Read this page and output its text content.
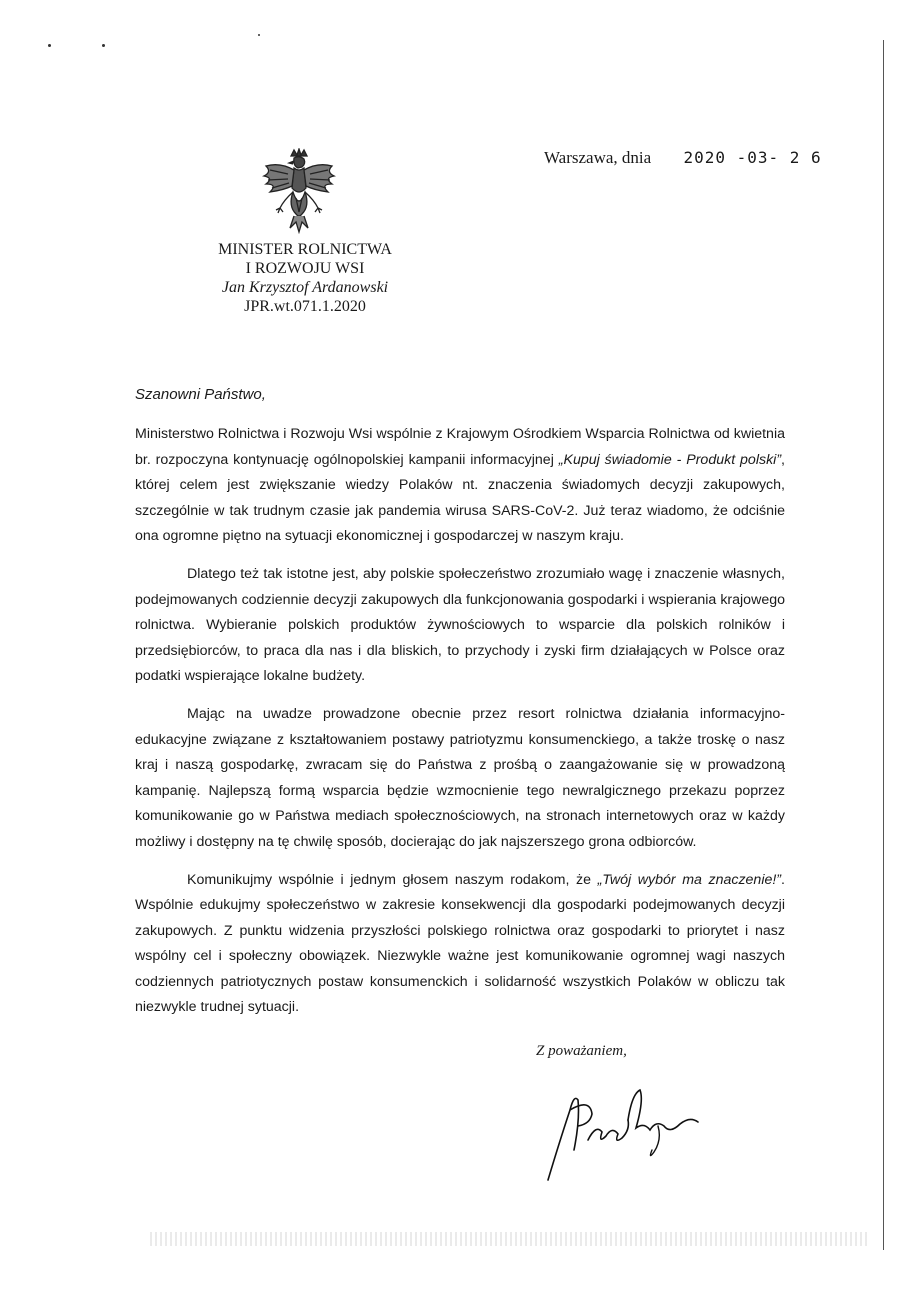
Warszawa, dnia 2020 -03- 2 6
MINISTER ROLNICTWA
I ROZWOJU WSI
Jan Krzysztof Ardanowski
JPR.wt.071.1.2020
Szanowni Państwo,

Ministerstwo Rolnictwa i Rozwoju Wsi wspólnie z Krajowym Ośrodkiem Wsparcia Rolnictwa od kwietnia br. rozpoczyna kontynuację ogólnopolskiej kampanii informacyjnej „Kupuj świadomie - Produkt polski”, której celem jest zwiększanie wiedzy Polaków nt. znaczenia świadomych decyzji zakupowych, szczególnie w tak trudnym czasie jak pandemia wirusa SARS-CoV-2. Już teraz wiadomo, że odciśnie ona ogromne piętno na sytuacji ekonomicznej i gospodarczej w naszym kraju.

Dlatego też tak istotne jest, aby polskie społeczeństwo zrozumiało wagę i znaczenie własnych, podejmowanych codziennie decyzji zakupowych dla funkcjonowania gospodarki i wspierania krajowego rolnictwa. Wybieranie polskich produktów żywnościowych to wsparcie dla polskich rolników i przedsiębiorców, to praca dla nas i dla bliskich, to przychody i zyski firm działających w Polsce oraz podatki wspierające lokalne budżety.

Mając na uwadze prowadzone obecnie przez resort rolnictwa działania informacyjno-edukacyjne związane z kształtowaniem postawy patriotyzmu konsumenckiego, a także troskę o nasz kraj i naszą gospodarkę, zwracam się do Państwa z prośbą o zaangażowanie się w prowadzoną kampanię. Najlepszą formą wsparcia będzie wzmocnienie tego newralgicznego przekazu poprzez komunikowanie go w Państwa mediach społecznościowych, na stronach internetowych oraz w każdy możliwy i dostępny na tę chwilę sposób, docierając do jak najszerszego grona odbiorców.

Komunikujmy wspólnie i jednym głosem naszym rodakom, że „Twój wybór ma znaczenie!”. Wspólnie edukujmy społeczeństwo w zakresie konsekwencji dla gospodarki podejmowanych decyzji zakupowych. Z punktu widzenia przyszłości polskiego rolnictwa oraz gospodarki to priorytet i nasz wspólny cel i społeczny obowiązek. Niezwykle ważne jest komunikowanie ogromnej wagi naszych codziennych patriotycznych postaw konsumenckich i solidarność wszystkich Polaków w obliczu tak niezwykle trudnej sytuacji.

Z poważaniem,
